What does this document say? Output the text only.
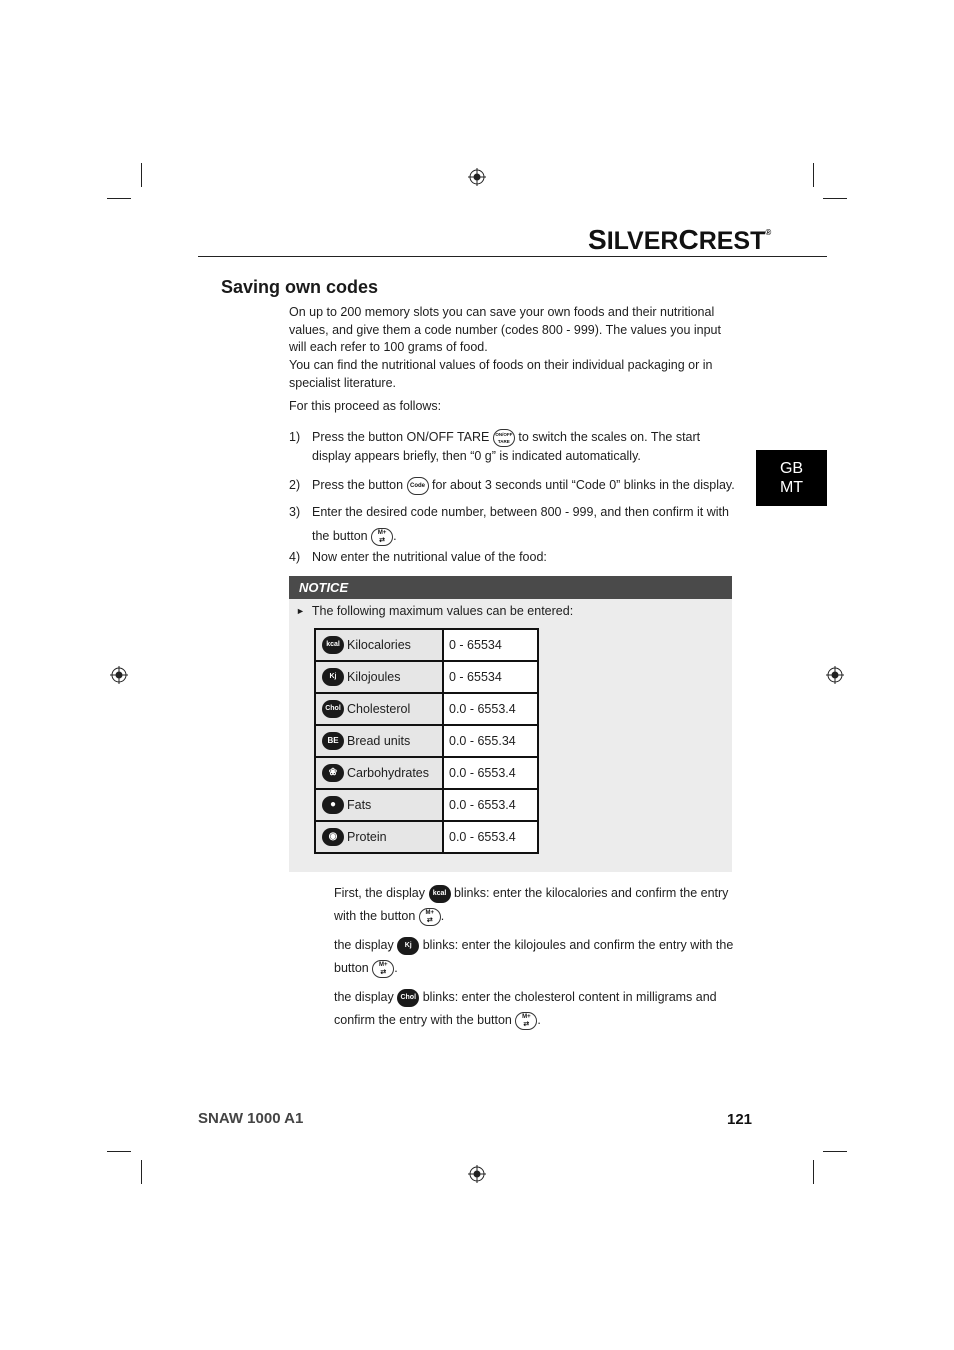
SILVERCREST®
Saving own codes
On up to 200 memory slots you can save your own foods and their nutritional values, and give them a code number (codes 800 - 999). The values you input will each refer to 100 grams of food.
You can find the nutritional values of foods on their individual packaging or in specialist literature.
For this proceed as follows:
1) Press the button ON/OFF TARE	ON/OFF
TARE to switch the scales on. The start display appears briefly, then “0 g” is indicated automatically.
2) Press the button Code for about 3 seconds until “Code 0” blinks in the display.
3) Enter the desired code number, between 800 - 999, and then confirm it with the button	M+
⇄ .
4) Now enter the nutritional value of the food:
GB
MT
NOTICE
► The following maximum values can be entered:
kcal Kilocalories	0 - 65534
Kj Kilojoules	0 - 65534
Chol Cholesterol	0.0 - 6553.4
BE Bread units	0.0 - 655.34
❀ Carbohydrates	0.0 - 6553.4
● Fats	0.0 - 6553.4
◉ Protein	0.0 - 6553.4
First, the display kcal blinks: enter the kilocalories and confirm the entry with the button	M+
⇄ .
the display Kj blinks: enter the kilojoules and confirm the entry with the button	M+
⇄ .
the display Chol blinks: enter the cholesterol content in milligrams and confirm the entry with the button	M+
⇄ .
SNAW 1000 A1	121
